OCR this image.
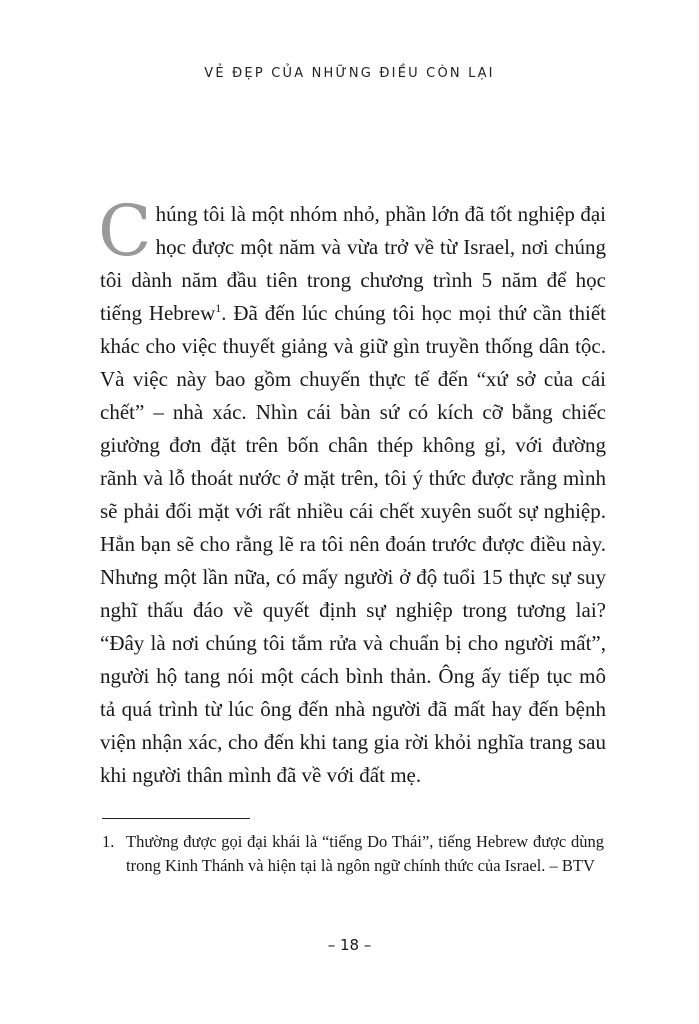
VẺ ĐẸP CỦA NHỮNG ĐIỀU CÒN LẠI

Chúng tôi là một nhóm nhỏ, phần lớn đã tốt nghiệp đại học được một năm và vừa trở về từ Israel, nơi chúng tôi dành năm đầu tiên trong chương trình 5 năm để học tiếng Hebrew$^1$. Đã đến lúc chúng tôi học mọi thứ cần thiết khác cho việc thuyết giảng và giữ gìn truyền thống dân tộc. Và việc này bao gồm chuyến thực tế đến “xứ sở của cái chết” – nhà xác. Nhìn cái bàn sứ có kích cỡ bằng chiếc giường đơn đặt trên bốn chân thép không gỉ, với đường rãnh và lỗ thoát nước ở mặt trên, tôi ý thức được rằng mình sẽ phải đối mặt với rất nhiều cái chết xuyên suốt sự nghiệp. Hẳn bạn sẽ cho rằng lẽ ra tôi nên đoán trước được điều này. Nhưng một lần nữa, có mấy người ở độ tuổi 15 thực sự suy nghĩ thấu đáo về quyết định sự nghiệp trong tương lai? “Đây là nơi chúng tôi tắm rửa và chuẩn bị cho người mất”, người hộ tang nói một cách bình thản. Ông ấy tiếp tục mô tả quá trình từ lúc ông đến nhà người đã mất hay đến bệnh viện nhận xác, cho đến khi tang gia rời khỏi nghĩa trang sau khi người thân mình đã về với đất mẹ.

1. Thường được gọi đại khái là “tiếng Do Thái”, tiếng Hebrew được dùng trong Kinh Thánh và hiện tại là ngôn ngữ chính thức của Israel. – BTV
– 18 –
